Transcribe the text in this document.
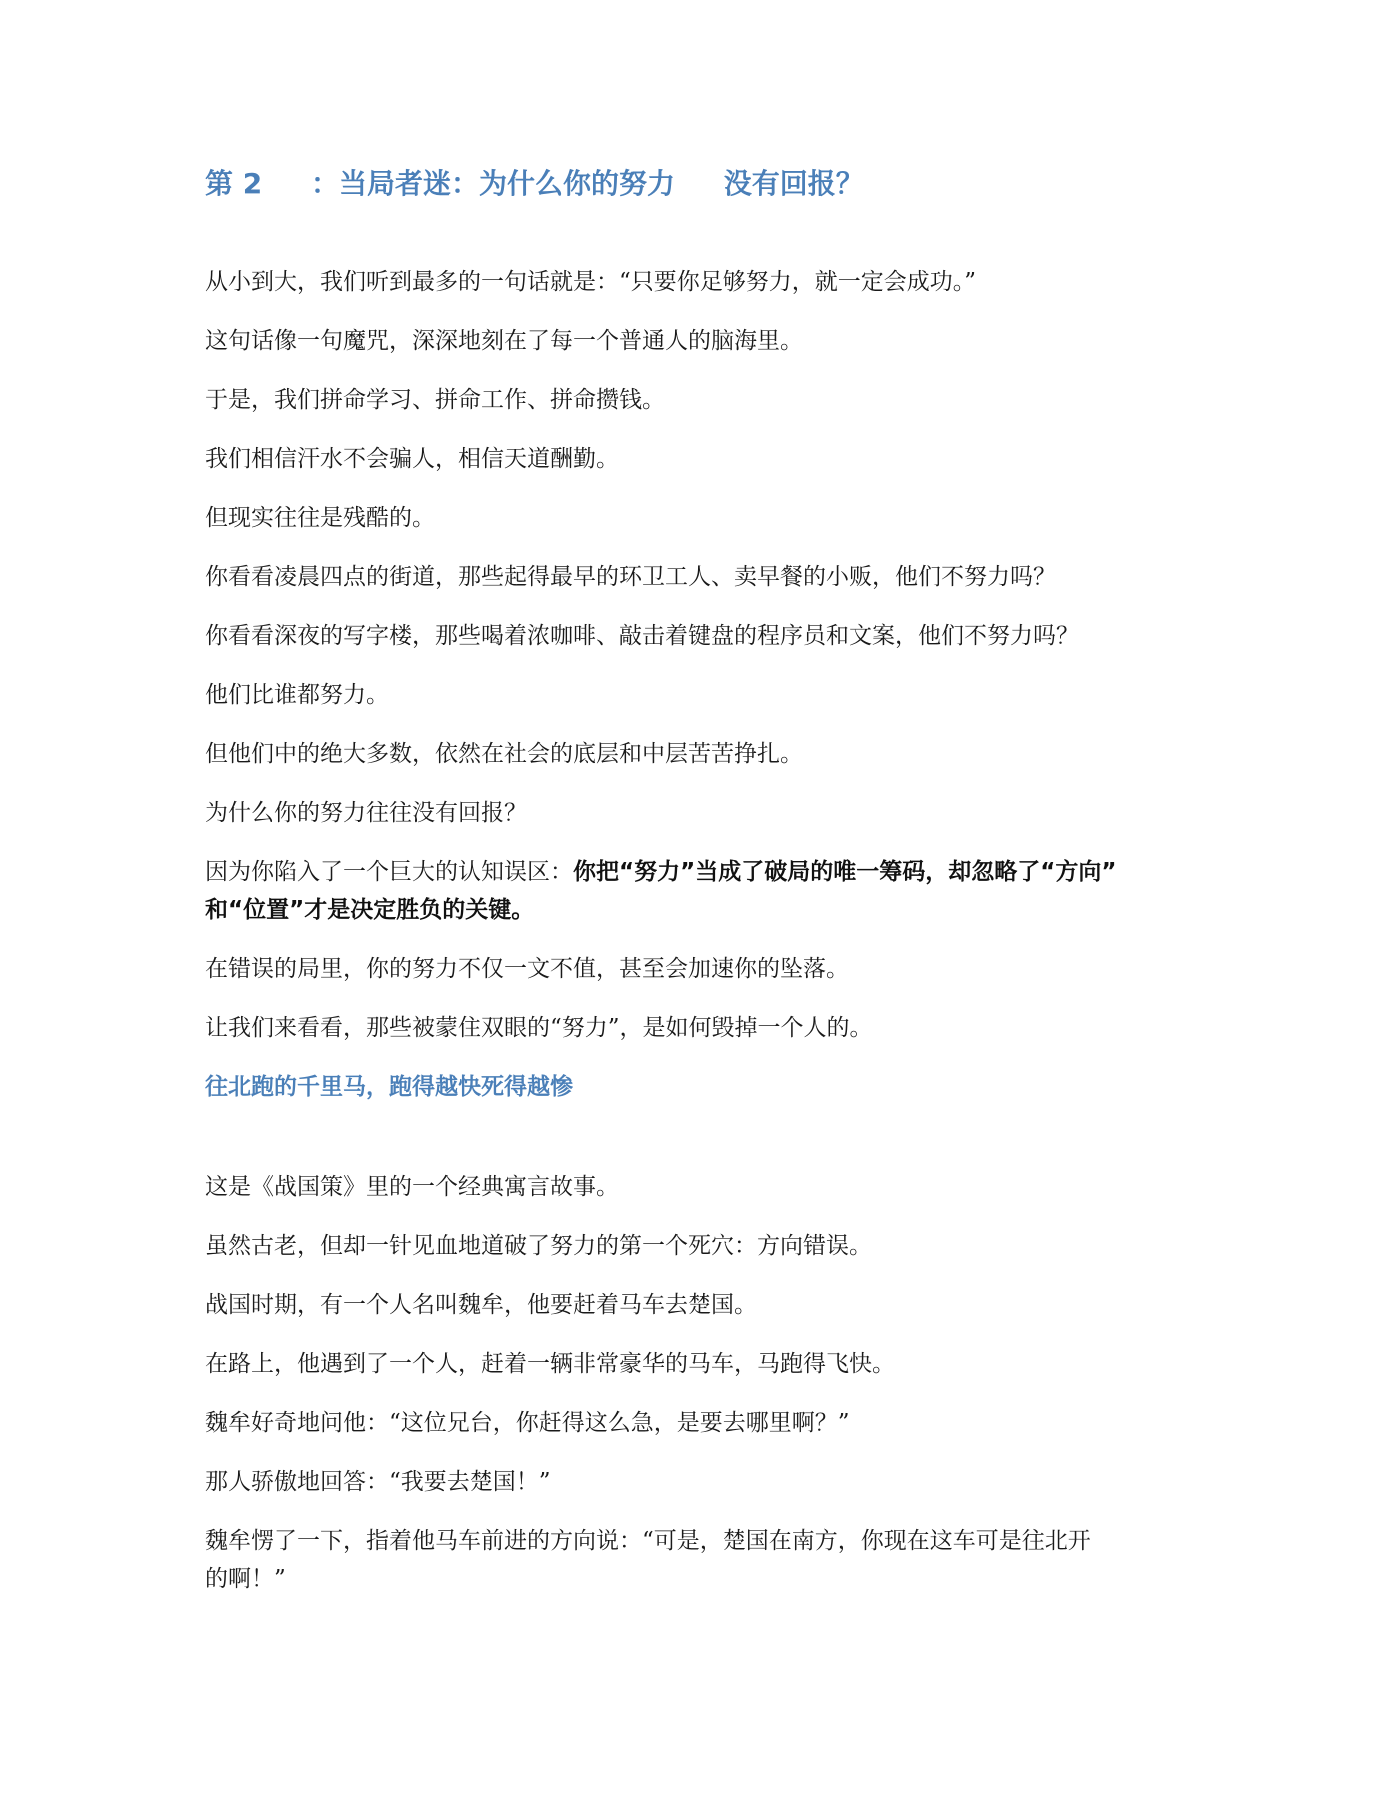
第 2     ：当局者迷：为什么你的努力     没有回报？

从小到大，我们听到最多的一句话就是：“只要你足够努力，就一定会成功。”

这句话像一句魔咒，深深地刻在了每一个普通人的脑海里。

于是，我们拼命学习、拼命工作、拼命攒钱。

我们相信汗水不会骗人，相信天道酬勤。

但现实往往是残酷的。

你看看凌晨四点的街道，那些起得最早的环卫工人、卖早餐的小贩，他们不努力吗？

你看看深夜的写字楼，那些喝着浓咖啡、敲击着键盘的程序员和文案，他们不努力吗？

他们比谁都努力。

但他们中的绝大多数，依然在社会的底层和中层苦苦挣扎。

为什么你的努力往往没有回报？

因为你陷入了一个巨大的认知误区：你把“努力”当成了破局的唯一筹码，却忽略了“方向”
和“位置”才是决定胜负的关键。

在错误的局里，你的努力不仅一文不值，甚至会加速你的坠落。

让我们来看看，那些被蒙住双眼的“努力”，是如何毁掉一个人的。

往北跑的千里马，跑得越快死得越惨

这是《战国策》里的一个经典寓言故事。

虽然古老，但却一针见血地道破了努力的第一个死穴：方向错误。

战国时期，有一个人名叫魏牟，他要赶着马车去楚国。

在路上，他遇到了一个人，赶着一辆非常豪华的马车，马跑得飞快。

魏牟好奇地问他：“这位兄台，你赶得这么急，是要去哪里啊？”

那人骄傲地回答：“我要去楚国！”

魏牟愣了一下，指着他马车前进的方向说：“可是，楚国在南方，你现在这车可是往北开
的啊！”
